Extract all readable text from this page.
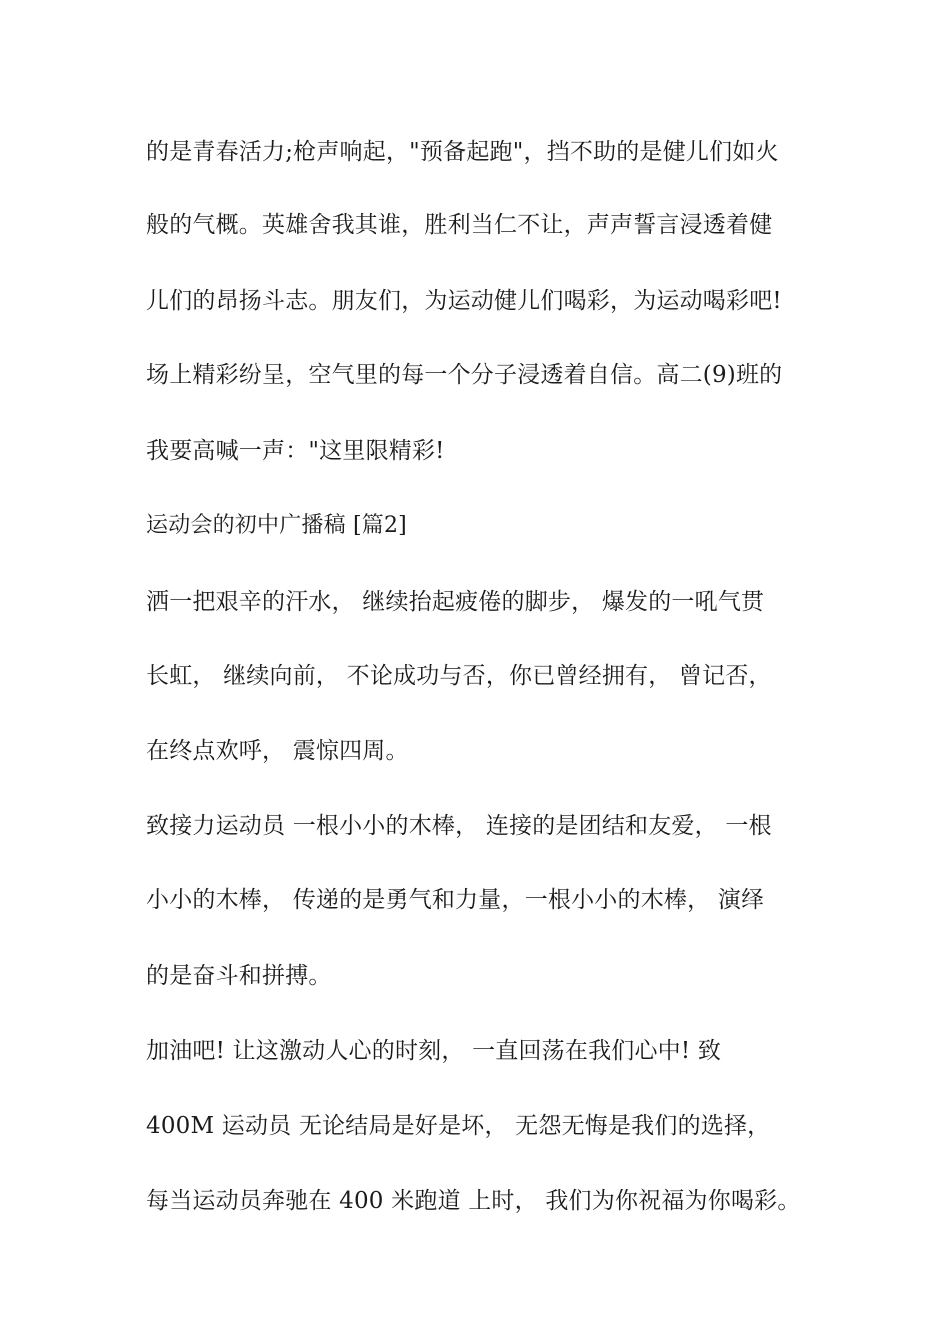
的是青春活力;枪声响起，"预备起跑"，挡不助的是健儿们如火
般的气概。英雄舍我其谁，胜利当仁不让，声声誓言浸透着健
儿们的昂扬斗志。朋友们，为运动健儿们喝彩，为运动喝彩吧!
场上精彩纷呈，空气里的每一个分子浸透着自信。高二(9)班的
我要高喊一声："这里限精彩!
运动会的初中广播稿 [篇2]
洒一把艰辛的汗水， 继续抬起疲倦的脚步， 爆发的一吼气贯
长虹， 继续向前， 不论成功与否，你已曾经拥有， 曾记否，
在终点欢呼， 震惊四周。
致接力运动员 一根小小的木棒， 连接的是团结和友爱， 一根
小小的木棒， 传递的是勇气和力量，一根小小的木棒， 演绎
的是奋斗和拼搏。
加油吧! 让这激动人心的时刻， 一直回荡在我们心中! 致
400M 运动员 无论结局是好是坏， 无怨无悔是我们的选择，
每当运动员奔驰在 400 米跑道 上时， 我们为你祝福为你喝彩。
